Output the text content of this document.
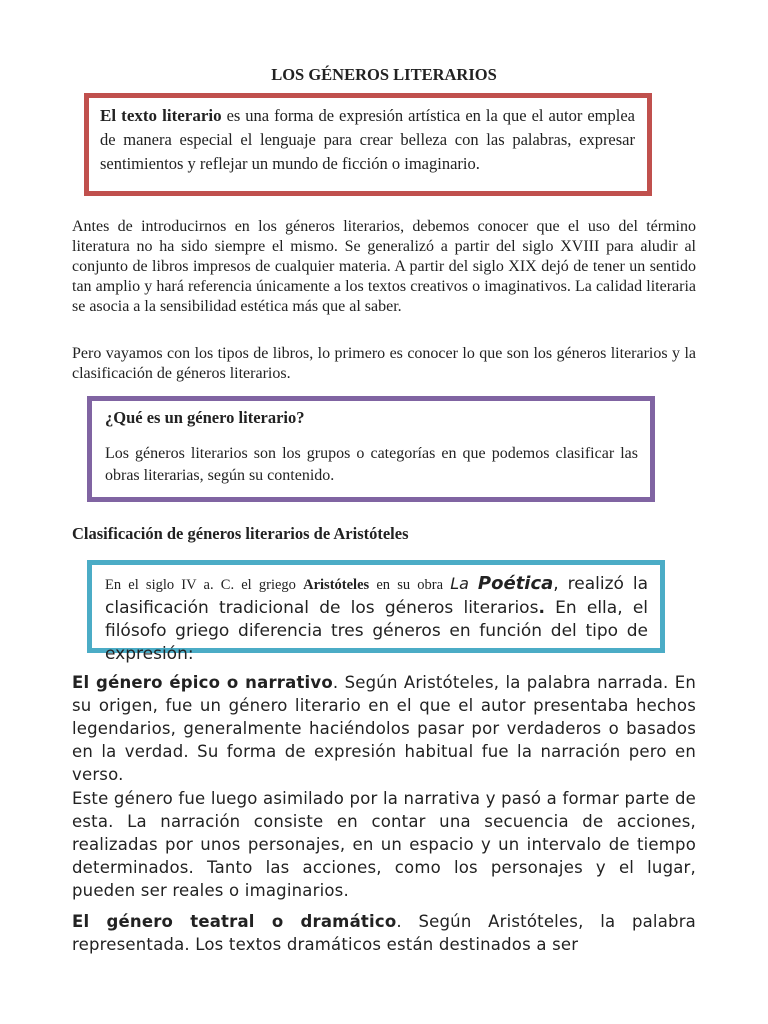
LOS GÉNEROS LITERARIOS

El texto literario es una forma de expresión artística en la que el autor emplea de manera especial el lenguaje para crear belleza con las palabras, expresar sentimientos y reflejar un mundo de ficción o imaginario.

Antes de introducirnos en los géneros literarios, debemos conocer que el uso del término literatura no ha sido siempre el mismo. Se generalizó a partir del siglo XVIII para aludir al conjunto de libros impresos de cualquier materia. A partir del siglo XIX dejó de tener un sentido tan amplio y hará referencia únicamente a los textos creativos o imaginativos. La calidad literaria se asocia a la sensibilidad estética más que al saber.

Pero vayamos con los tipos de libros, lo primero es conocer lo que son los géneros literarios y la clasificación de géneros literarios.

¿Qué es un género literario?

Los géneros literarios son los grupos o categorías en que podemos clasificar las obras literarias, según su contenido.

Clasificación de géneros literarios de Aristóteles

En el siglo IV a. C. el griego Aristóteles en su obra La Poética, realizó la clasificación tradicional de los géneros literarios. En ella, el filósofo griego diferencia tres géneros en función del tipo de expresión:

El género épico o narrativo. Según Aristóteles, la palabra narrada. En su origen, fue un género literario en el que el autor presentaba hechos legendarios, generalmente haciéndolos pasar por verdaderos o basados en la verdad. Su forma de expresión habitual fue la narración pero en verso.

Este género fue luego asimilado por la narrativa y pasó a formar parte de esta. La narración consiste en contar una secuencia de acciones, realizadas por unos personajes, en un espacio y un intervalo de tiempo determinados. Tanto las acciones, como los personajes y el lugar, pueden ser reales o imaginarios.

El género teatral o dramático. Según Aristóteles, la palabra representada. Los textos dramáticos están destinados a ser
